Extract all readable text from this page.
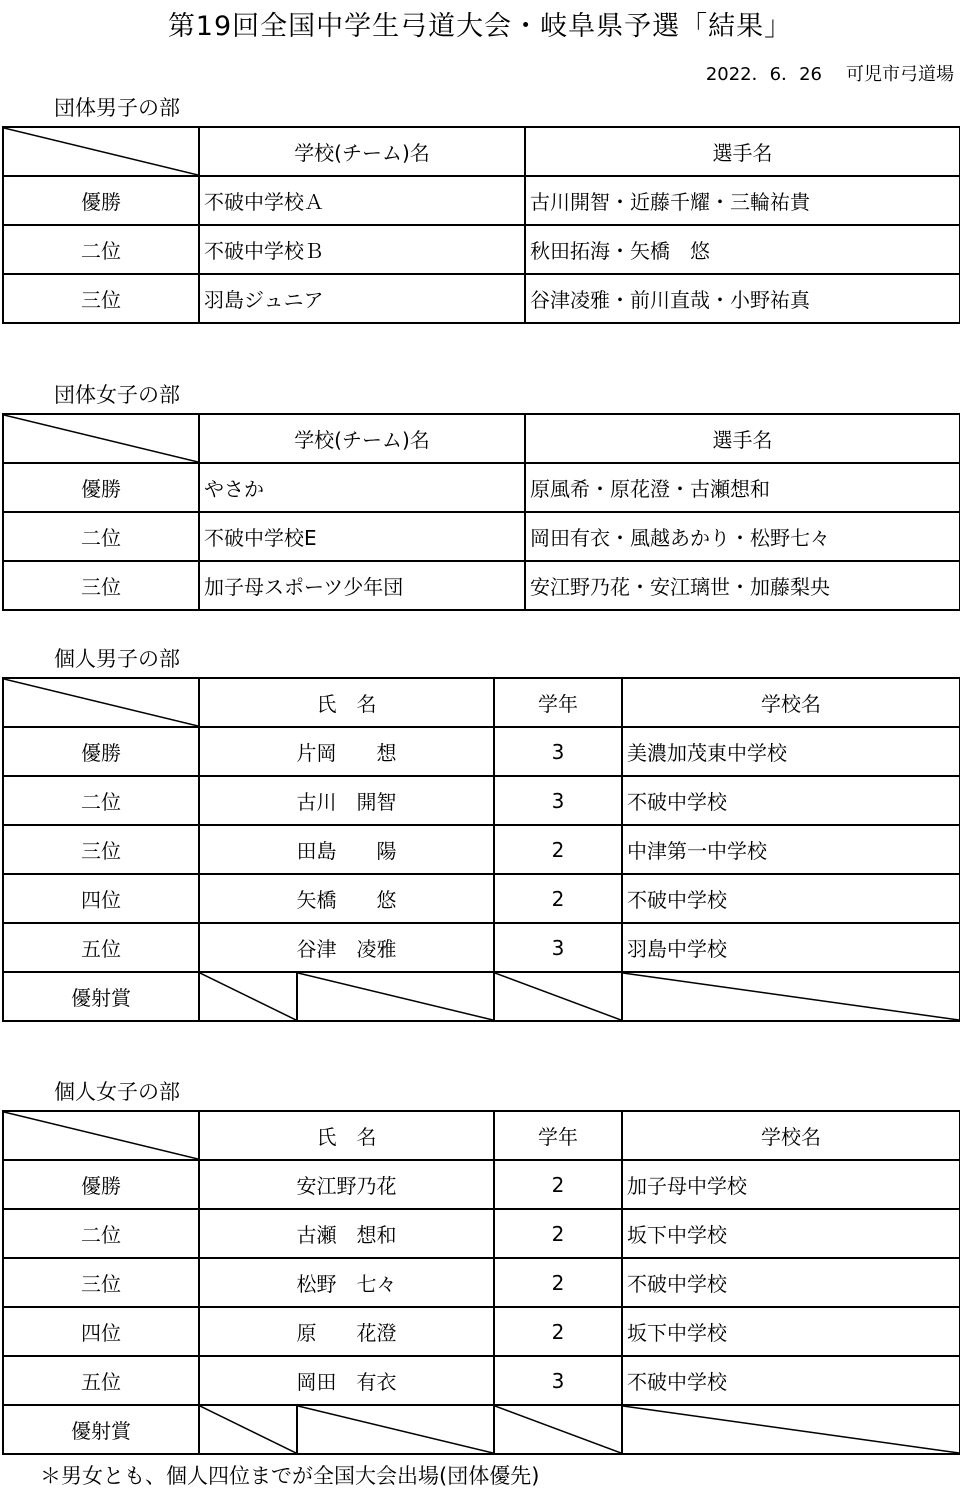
第19回全国中学生弓道大会・岐阜県予選「結果」
2022．6．26 可児市弓道場
団体男子の部
	学校(チーム)名	選手名
優勝	不破中学校Ａ	古川開智・近藤千耀・三輪祐貴
二位	不破中学校Ｂ	秋田拓海・矢橋　悠
三位	羽島ジュニア	谷津凌雅・前川直哉・小野祐真
団体女子の部
	学校(チーム)名	選手名
優勝	やさか	原風希・原花澄・古瀬想和
二位	不破中学校E	岡田有衣・風越あかり・松野七々
三位	加子母スポーツ少年団	安江野乃花・安江璃世・加藤梨央
個人男子の部
	氏　名		学年	学校名
優勝	片岡　　想		3	美濃加茂東中学校
二位	古川　開智		3	不破中学校
三位	田島　　陽		2	中津第一中学校
四位	矢橋　　悠		2	不破中学校
五位	谷津　凌雅		3	羽島中学校
優射賞				
個人女子の部
	氏　名		学年	学校名
優勝	安江野乃花		2	加子母中学校
二位	古瀬　想和		2	坂下中学校
三位	松野　七々		2	不破中学校
四位	原　　花澄		2	坂下中学校
五位	岡田　有衣		3	不破中学校
優射賞				
＊男女とも、個人四位までが全国大会出場(団体優先)
